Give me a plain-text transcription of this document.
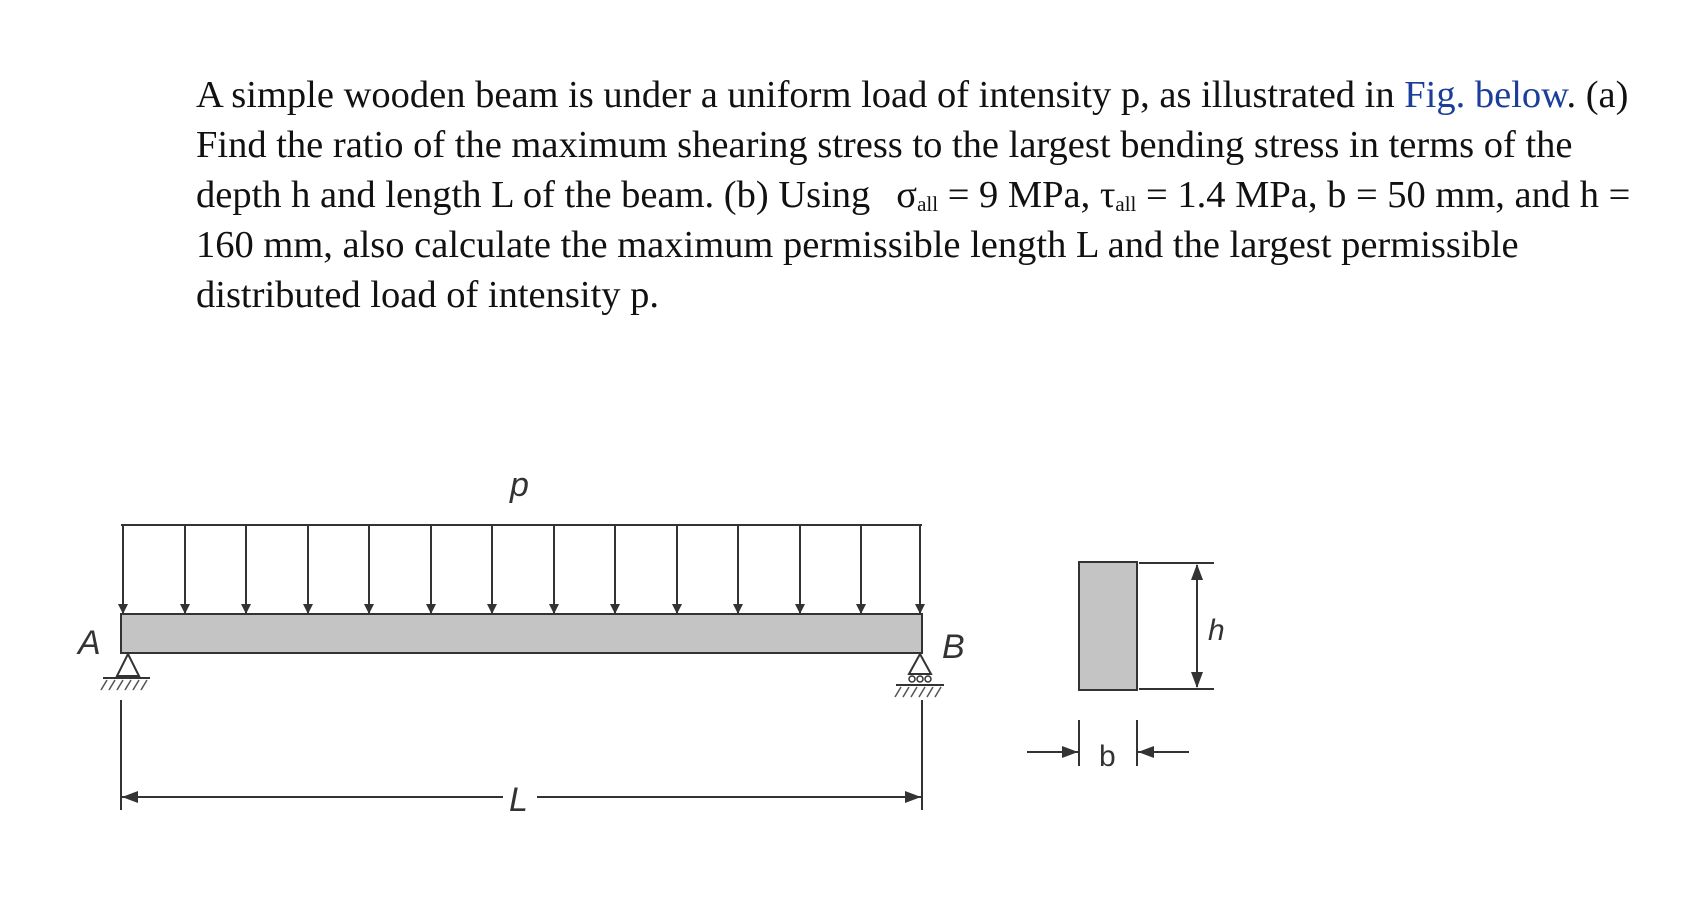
A simple wooden beam is under a uniform load of intensity p, as illustrated in Fig. below. (a) Find the ratio of the maximum shearing stress to the largest bending stress in terms of the depth h and length L of the beam. (b) Using $\sigma_{all} = 9$ MPa, $\tau_{all} = 1.4$ MPa, b = 50 mm, and h = 160 mm, also calculate the maximum permissible length L and the largest permissible distributed load of intensity p.
p
A	B
L
h
b
